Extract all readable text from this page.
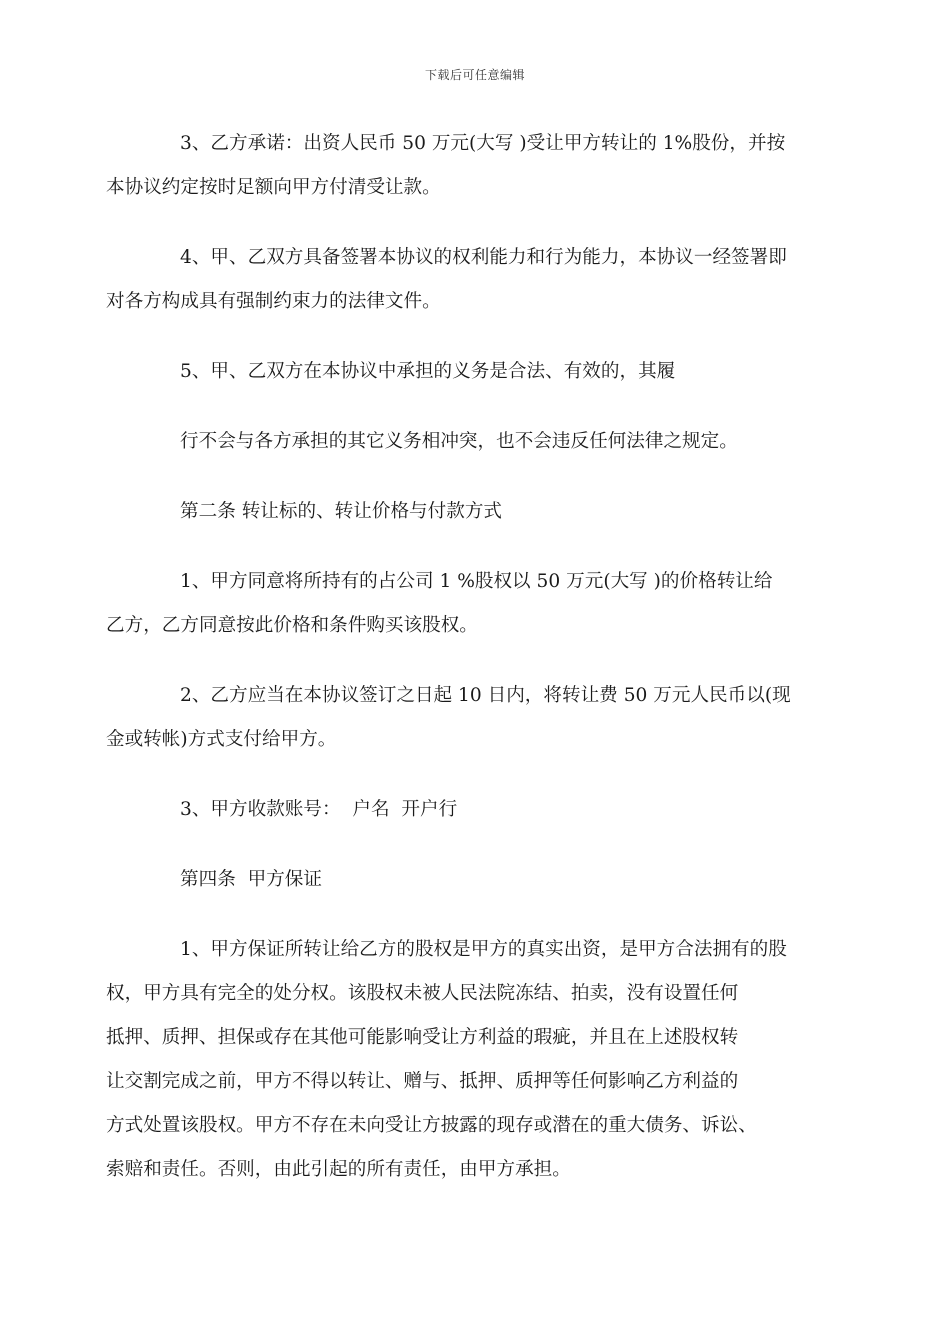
下载后可任意编辑

3、乙方承诺：出资人民币 50 万元(大写 )受让甲方转让的 1%股份，并按
本协议约定按时足额向甲方付清受让款。

4、甲、乙双方具备签署本协议的权利能力和行为能力，本协议一经签署即
对各方构成具有强制约束力的法律文件。

5、甲、乙双方在本协议中承担的义务是合法、有效的，其履

行不会与各方承担的其它义务相冲突，也不会违反任何法律之规定。

第二条 转让标的、转让价格与付款方式

1、甲方同意将所持有的占公司 1 %股权以 50 万元(大写 )的价格转让给
乙方，乙方同意按此价格和条件购买该股权。

2、乙方应当在本协议签订之日起 10 日内，将转让费 50 万元人民币以(现
金或转帐)方式支付给甲方。

3、甲方收款账号：  户名  开户行

第四条  甲方保证

1、甲方保证所转让给乙方的股权是甲方的真实出资，是甲方合法拥有的股
权，甲方具有完全的处分权。该股权未被人民法院冻结、拍卖，没有设置任何
抵押、质押、担保或存在其他可能影响受让方利益的瑕疵，并且在上述股权转
让交割完成之前，甲方不得以转让、赠与、抵押、质押等任何影响乙方利益的
方式处置该股权。甲方不存在未向受让方披露的现存或潜在的重大债务、诉讼、
索赔和责任。否则，由此引起的所有责任，由甲方承担。
